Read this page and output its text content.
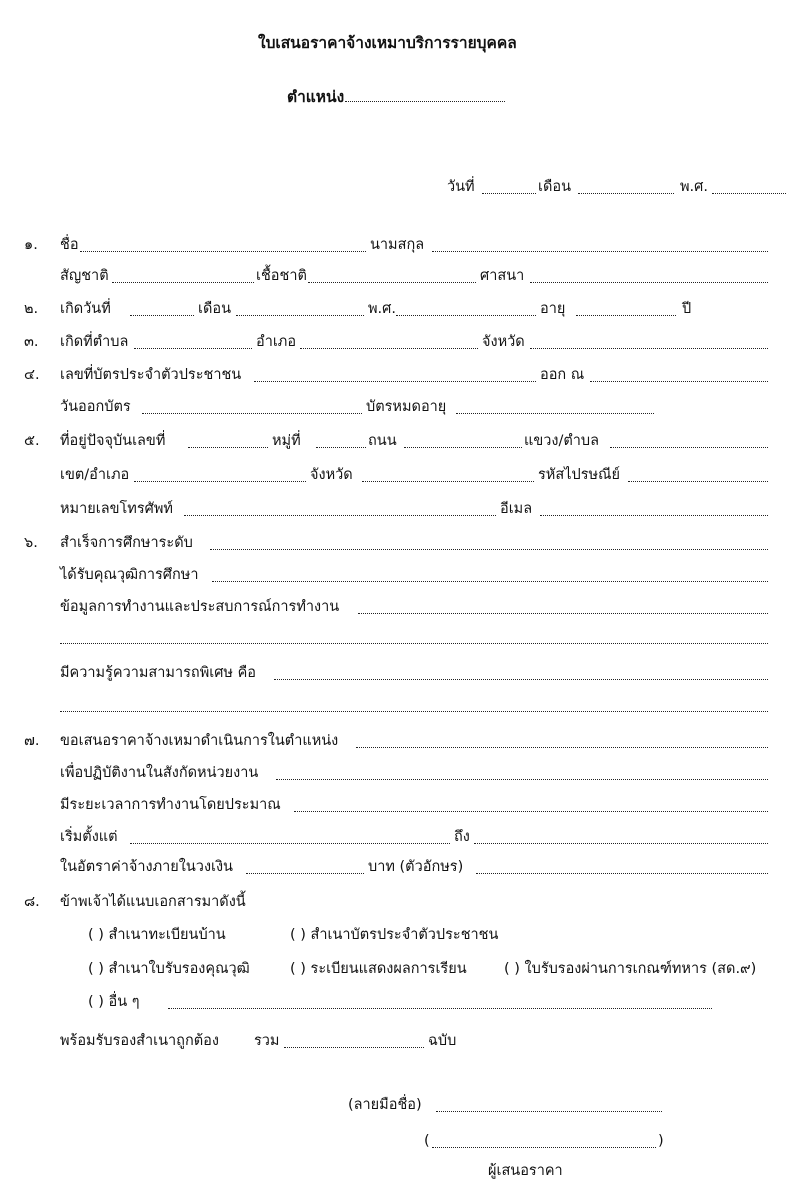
ใบเสนอราคาจ้างเหมาบริการรายบุคคล
ตำแหน่ง
วันที่	เดือน	พ.ศ.
๑. ชื่อ	นามสกุล
สัญชาติ	เชื้อชาติ	ศาสนา
๒. เกิดวันที่	เดือน	พ.ศ.	อายุ	ปี
๓. เกิดที่ตำบล	อำเภอ	จังหวัด
๔. เลขที่บัตรประจำตัวประชาชน	ออก ณ
วันออกบัตร	บัตรหมดอายุ
๕. ที่อยู่ปัจจุบันเลขที่	หมู่ที่	ถนน	แขวง/ตำบล
เขต/อำเภอ	จังหวัด	รหัสไปรษณีย์
หมายเลขโทรศัพท์	อีเมล
๖. สำเร็จการศึกษาระดับ
ได้รับคุณวุฒิการศึกษา
ข้อมูลการทำงานและประสบการณ์การทำงาน
มีความรู้ความสามารถพิเศษ คือ
๗. ขอเสนอราคาจ้างเหมาดำเนินการในตำแหน่ง
เพื่อปฏิบัติงานในสังกัดหน่วยงาน
มีระยะเวลาการทำงานโดยประมาณ
เริ่มตั้งแต่	ถึง
ในอัตราค่าจ้างภายในวงเงิน	บาท (ตัวอักษร)
๘. ข้าพเจ้าได้แนบเอกสารมาดังนี้
( ) สำเนาทะเบียนบ้าน	( ) สำเนาบัตรประจำตัวประชาชน
( ) สำเนาใบรับรองคุณวุฒิ	( ) ระเบียนแสดงผลการเรียน	( ) ใบรับรองผ่านการเกณฑ์ทหาร (สด.๙)
( ) อื่น ๆ
พร้อมรับรองสำเนาถูกต้อง รวม	ฉบับ
(ลายมือชื่อ)
(	)
ผู้เสนอราคา
